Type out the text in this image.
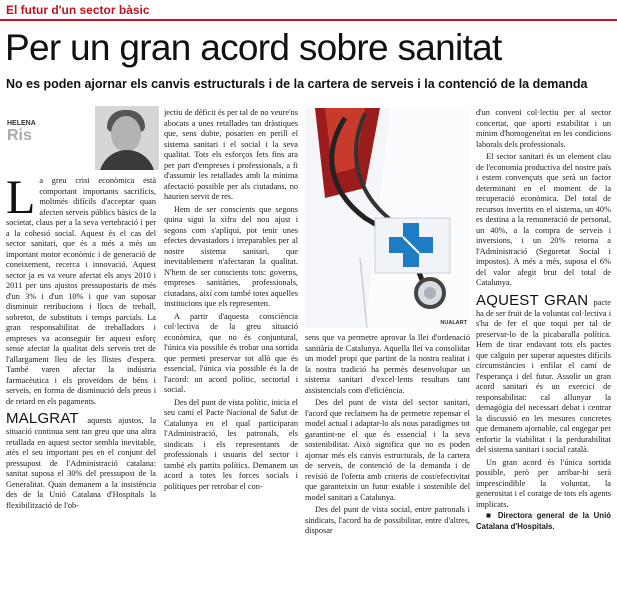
El futur d'un sector bàsic
Per un gran acord sobre sanitat
No es poden ajornar els canvis estructurals i de la cartera de serveis i la contenció de la demanda
HELENA
Ris

La greu crisi econòmica està comportant importants sacrificis, moltmés difícils d'acceptar quan afecten serveis públics bàsics de la societat, claus per a la seva vertebració i per a la cohesió social. Aquest és el cas del sector sanitari, que és a més a més un important motor econòmic i de generació de coneixement, recerca i innovació. Aquest sector ja es va veure afectat els anys 2010 i 2011 per uns ajustos pressupostaris de més d'un 3% i d'un 10% i que van suposar disminuir retribucions i llocs de treball, sobretot, de substituts i temps parcials. La gran responsabilitat de treballadors i empreses va aconseguir fer aquest esforç sense afectar la qualitat dels serveis tret de l'allargament lleu de les llistes d'espera. També varen afectar la indústria farmacèutica i els proveïdors de béns i serveis, en forma de disminució dels preus i de retard en els pagaments.

MALGRAT aquests ajustos, la situació continua sent tan greu que una altra retallada en aquest sector sembla inevitable, atès el seu important pes en el conjunt del pressupost de l'Administració catalana: sanitat suposa el 30% del pressupost de la Generalitat. Quan demanem a la insistència des de la Unió Catalana d'Hospitals la flexibilització de l'ob-

jectiu de dèficit és per tal de no veure'ns abocats a unes retallades tan dràstiques que, sens dubte, posarien en perill el sistema sanitari i el social i la seva qualitat. Tots els esforços fets fins ara per part d'empreses i professionals, a fi d'assumir les retallades amb la mínima afectació possible per als ciutadans, no haurien servit de res.

Hem de ser conscients que segons quina sigui la xifra del nou ajust i segons com s'apliqui, pot tenir unes efectes devastadors i irreparables per al nostre sistema sanitari, que inevitablement n'afectaran la qualitat. N'hem de ser conscients tots: governs, empreses sanitàries, professionals, ciutadans, així com també totes aquelles institucions que els representen.

A partir d'aquesta consciència col·lectiva de la greu situació econòmica, que no és conjuntural, l'única via possible és trobar una sortida que permeti preservar tot allò que és essencial, l'única via possible és la de l'acord: un acord polític, sectorial i social.

Des del punt de vista polític, inicia el seu camí el Pacte Nacional de Salut de Catalunya en el qual participaran l'Administració, les patronals, els sindicats i els representants de professionals i usuaris del sector i també els partits polítics. Demanem un acord a totes les forces socials i polítiques per retrobar el con-

NUALART

sens que va permetre aprovar la llei d'ordenació sanitària de Catalunya. Aquella llei va consolidar un model propi que partint de la nostra realitat i la nostra tradició ha permès desenvolupar un sistema sanitari d'excel·lents resultats tant assistencials com d'eficiència.

Des del punt de vista del sector sanitari, l'acord que reclamem ha de permetre repensar el model actual i adaptar-lo als nous paradigmes tot garantint-ne el que és essencial i la seva sostenibilitat. Això significa que no es poden ajornar més els canvis estructurals, de la cartera de serveis, de contenció de la demanda i de revisió de l'oferta amb criteris de cost/efectivitat que garanteixin un futur estable i sostenible del model sanitari a Catalunya.

Des del punt de vista social, entre patronals i sindicats, l'acord ha de possibilitar, entre d'altres, disposar

d'un conveni col·lectiu per al sector concertat, que aporti estabilitat i un mínim d'homogeneïtat en les condicions laborals dels professionals.

El sector sanitari és un element clau de l'economia productiva del nostre país i estem convençuts que serà un factor determinant en el moment de la recuperació econòmica. Del total de recursos invertits en el sistema, un 40% es destina a la remuneració de personal, un 40%, a la compra de serveis i inversions, i un 20% retorna a l'Administració (Seguretat Social i impostos). A més a més, suposa el 6% del valor afegit brut del total de Catalunya.

AQUEST GRAN pacte ha de ser fruit de la voluntat col·lectiva i s'ha de fer el que toqui per tal de preservar-lo de la picabaralla política. Hem de tirar endavant tots els pactes que calguin per superar aquestes difícils circumstàncies i enfilar el camí de l'esperança i del futur. Assolir un gran acord sanitari és un exercici de responsabilitat: cal allunyar la demagògia del necessari debat i centrar la discussió en les mesures concretes que demanem ajornable, cal engegar per enfortir la viabilitat i la perdurabilitat del sistema sanitari i social català.

Un gran acord és l'única sortida possible, però per arribar-hi serà imprescindible la voluntat, la generositat i el coratge de tots els agents implicats.

■ Directora general de la Unió Catalana d'Hospitals.
